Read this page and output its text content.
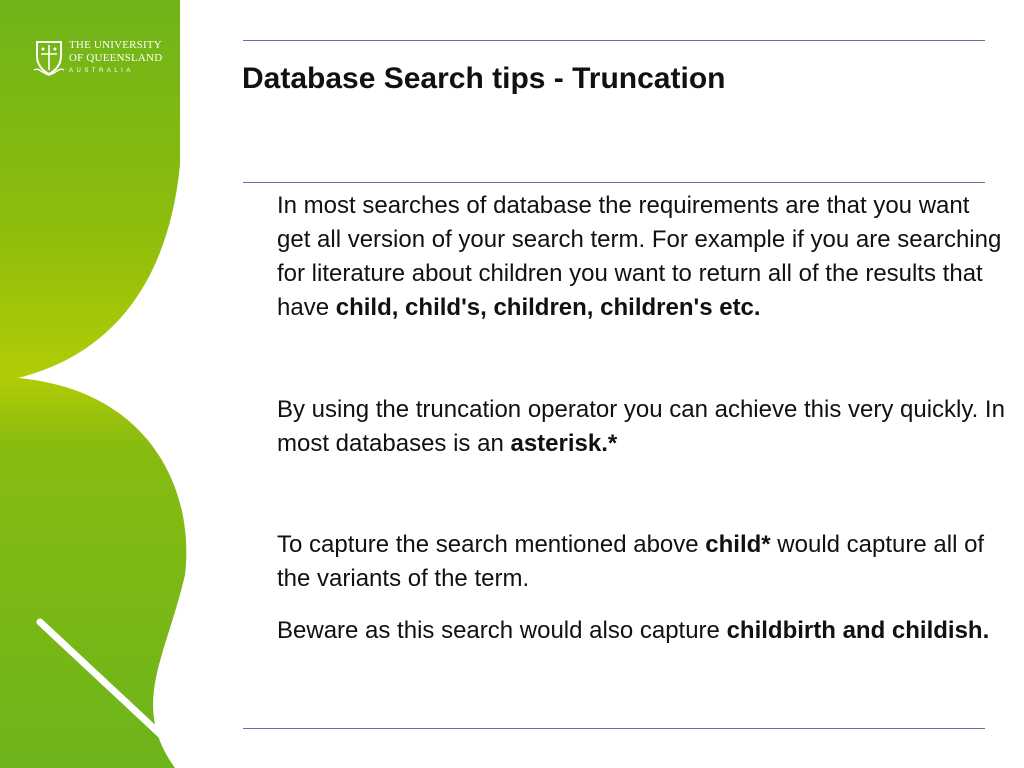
THE UNIVERSITY
OF QUEENSLAND
AUSTRALIA	Database Search tips - Truncation

In most searches of database the requirements are that you want get all version of your search term. For example if you are searching for literature about children you want to return all of the results that have child, child's, children, children's etc.

By using the truncation operator you can achieve this very quickly. In most databases is an asterisk.*

To capture the search mentioned above child* would capture all of the variants of the term.

Beware as this search would also capture childbirth and childish.
